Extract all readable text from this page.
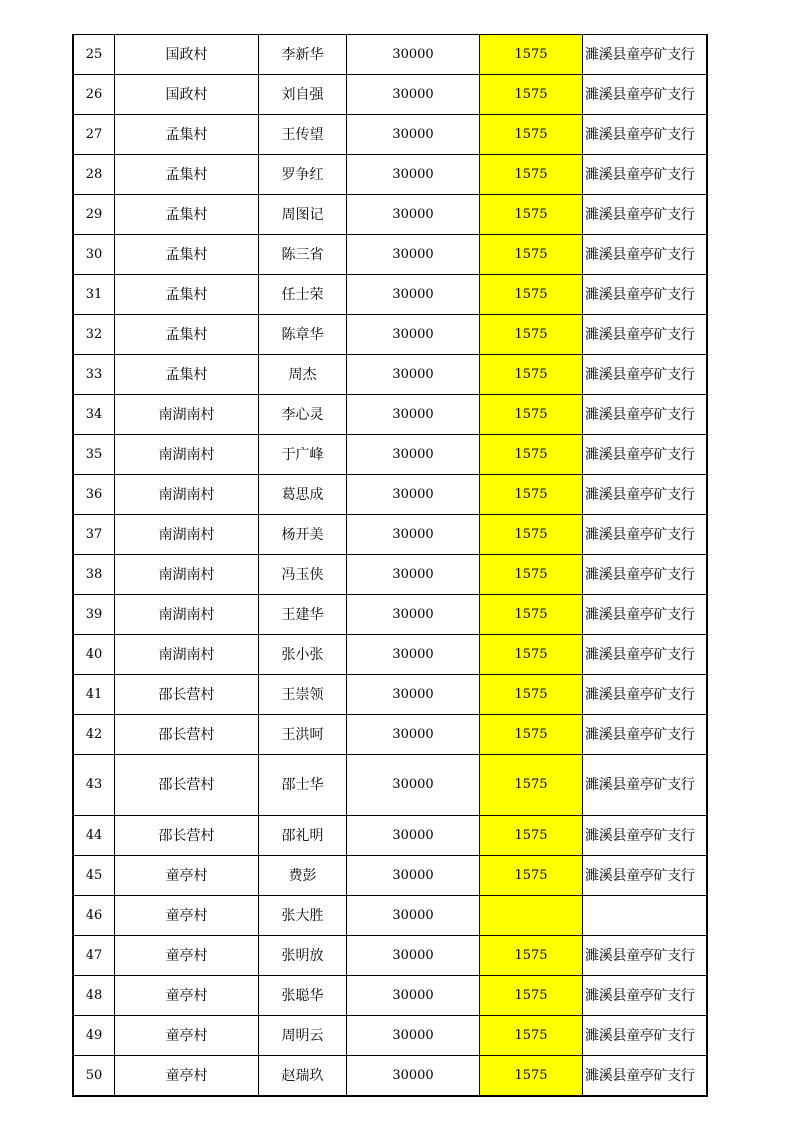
25	国政村	李新华	30000	1575	濉溪县童亭矿支行
26	国政村	刘自强	30000	1575	濉溪县童亭矿支行
27	孟集村	王传望	30000	1575	濉溪县童亭矿支行
28	孟集村	罗争红	30000	1575	濉溪县童亭矿支行
29	孟集村	周图记	30000	1575	濉溪县童亭矿支行
30	孟集村	陈三省	30000	1575	濉溪县童亭矿支行
31	孟集村	任士荣	30000	1575	濉溪县童亭矿支行
32	孟集村	陈章华	30000	1575	濉溪县童亭矿支行
33	孟集村	周杰	30000	1575	濉溪县童亭矿支行
34	南湖南村	李心灵	30000	1575	濉溪县童亭矿支行
35	南湖南村	于广峰	30000	1575	濉溪县童亭矿支行
36	南湖南村	葛思成	30000	1575	濉溪县童亭矿支行
37	南湖南村	杨开美	30000	1575	濉溪县童亭矿支行
38	南湖南村	冯玉侠	30000	1575	濉溪县童亭矿支行
39	南湖南村	王建华	30000	1575	濉溪县童亭矿支行
40	南湖南村	张小张	30000	1575	濉溪县童亭矿支行
41	邵长营村	王崇领	30000	1575	濉溪县童亭矿支行
42	邵长营村	王洪呵	30000	1575	濉溪县童亭矿支行
43	邵长营村	邵士华	30000	1575	濉溪县童亭矿支行
44	邵长营村	邵礼明	30000	1575	濉溪县童亭矿支行
45	童亭村	费彭	30000	1575	濉溪县童亭矿支行
46	童亭村	张大胜	30000		
47	童亭村	张明放	30000	1575	濉溪县童亭矿支行
48	童亭村	张聪华	30000	1575	濉溪县童亭矿支行
49	童亭村	周明云	30000	1575	濉溪县童亭矿支行
50	童亭村	赵瑞玖	30000	1575	濉溪县童亭矿支行
